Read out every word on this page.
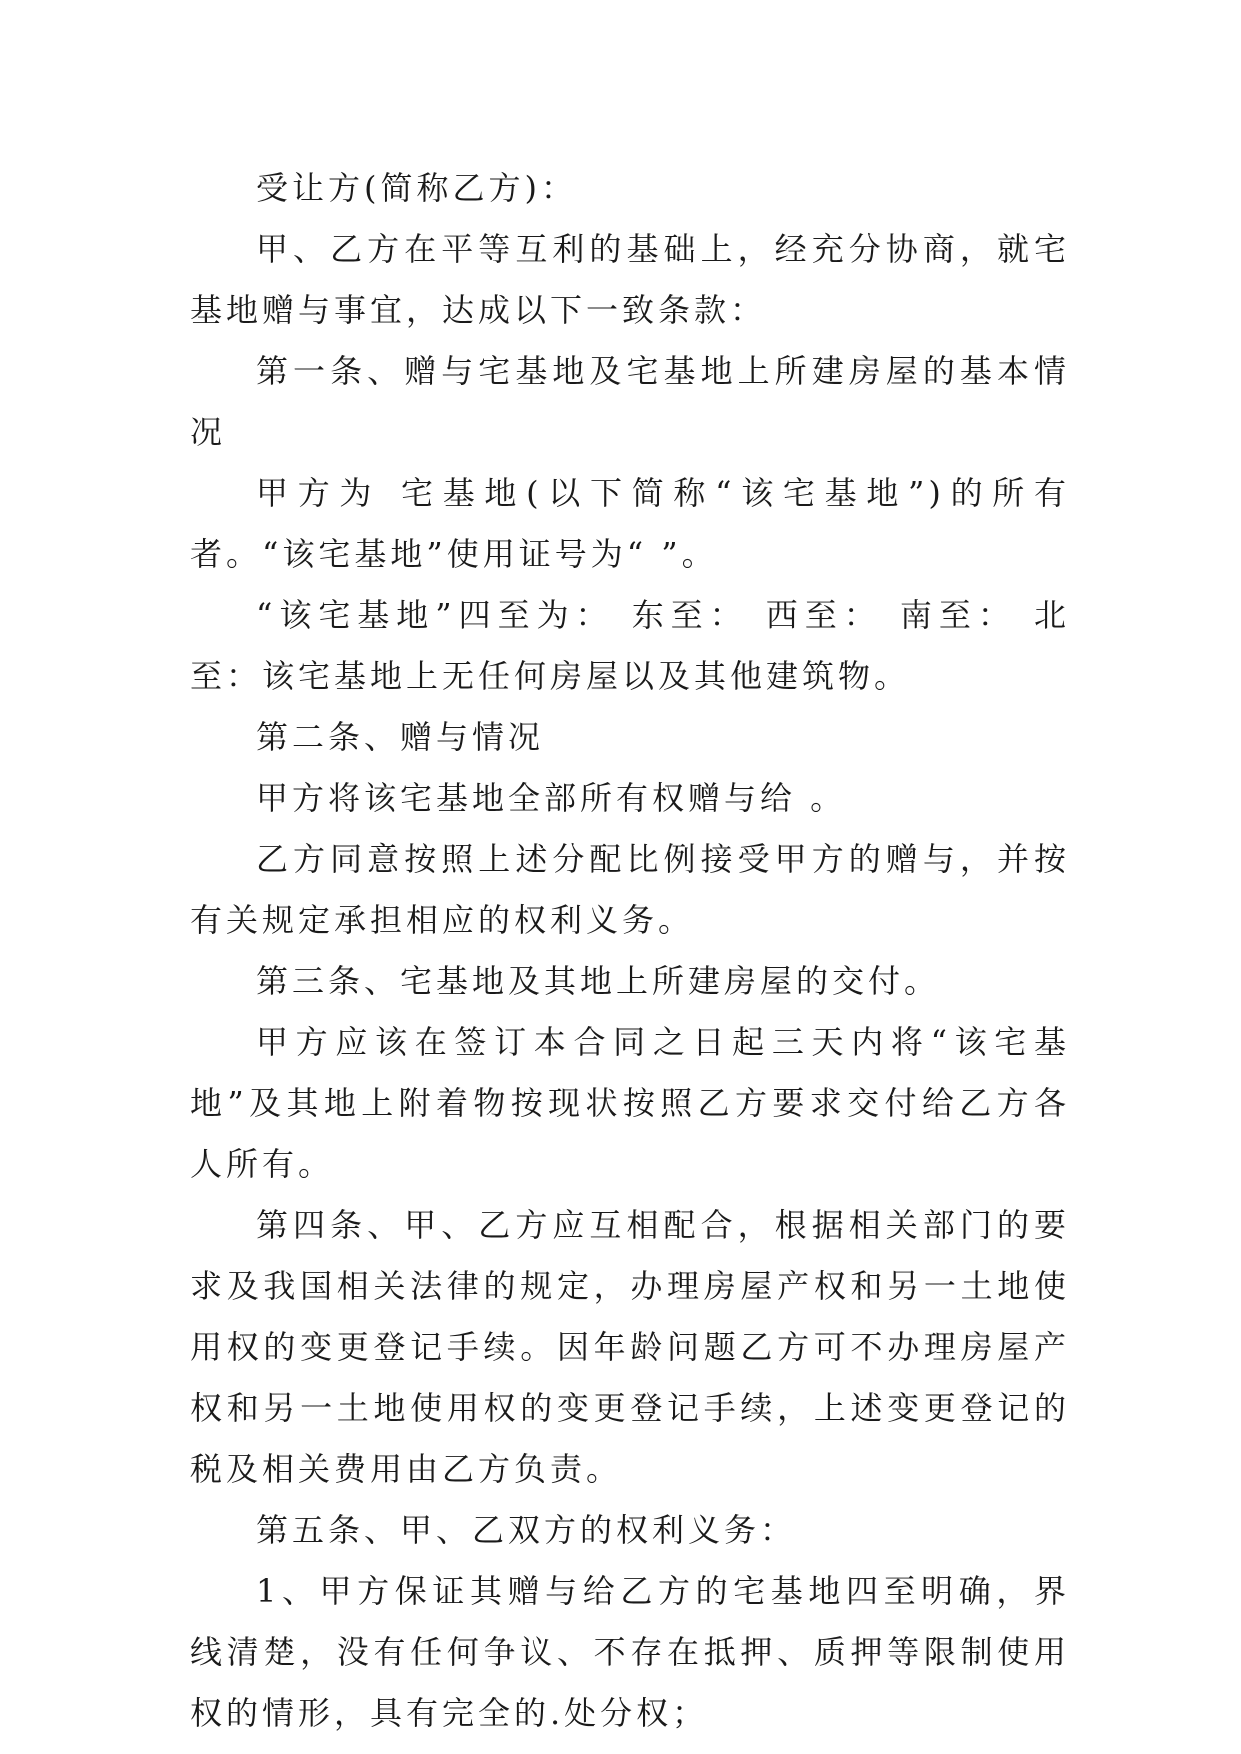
受让方(简称乙方)：

甲、乙方在平等互利的基础上，经充分协商，就宅基地赠与事宜，达成以下一致条款：

第一条、赠与宅基地及宅基地上所建房屋的基本情况

甲方为 宅基地(以下简称“该宅基地”)的所有者。“该宅基地”使用证号为“ ”。

“该宅基地”四至为： 东至： 西至： 南至： 北至：该宅基地上无任何房屋以及其他建筑物。

第二条、赠与情况

甲方将该宅基地全部所有权赠与给 。

乙方同意按照上述分配比例接受甲方的赠与，并按有关规定承担相应的权利义务。

第三条、宅基地及其地上所建房屋的交付。

甲方应该在签订本合同之日起三天内将“该宅基地”及其地上附着物按现状按照乙方要求交付给乙方各人所有。

第四条、甲、乙方应互相配合，根据相关部门的要求及我国相关法律的规定，办理房屋产权和另一土地使用权的变更登记手续。因年龄问题乙方可不办理房屋产权和另一土地使用权的变更登记手续，上述变更登记的税及相关费用由乙方负责。

第五条、甲、乙双方的权利义务：

1、甲方保证其赠与给乙方的宅基地四至明确，界线清楚，没有任何争议、不存在抵押、质押等限制使用权的情形，具有完全的.处分权；
